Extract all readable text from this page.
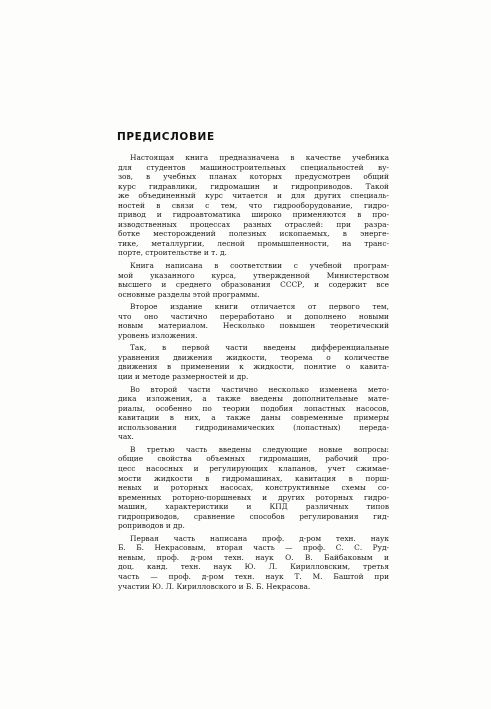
ПРЕДИСЛОВИЕ
Настоящая книга предназначена в качестве учебника
для студентов машиностроительных специальностей ву-
зов, в учебных планах которых предусмотрен общий
курс гидравлики, гидромашин и гидроприводов. Такой
же объединенный курс читается и для других специаль-
ностей в связи с тем, что гидрооборудование, гидро-
привод и гидроавтоматика широко применяются в про-
изводственных процессах разных отраслей: при разра-
ботке месторождений полезных ископаемых, в энерге-
тике, металлургии, лесной промышленности, на транс-
порте, строительстве и т. д.
Книга написана в соответствии с учебной програм-
мой указанного курса, утвержденной Министерством
высшего и среднего образования СССР, и содержит все
основные разделы этой программы.
Второе издание книги отличается от первого тем,
что оно частично переработано и дополнено новыми
новым материалом. Несколько повышен теоретический
уровень изложения.
Так, в первой части введены дифференциальные
уравнения движения жидкости, теорема о количестве
движения в применении к жидкости, понятие о кавита-
ции и методе размерностей и др.
Во второй части частично несколько изменена мето-
дика изложения, а также введены дополнительные мате-
риалы, особенно по теории подобия лопастных насосов,
кавитации в них, а также даны современные примеры
использования гидродинамических (лопастных) переда-
чах.
В третью часть введены следующие новые вопросы:
общие свойства объемных гидромашин, рабочий про-
цесс насосных и регулирующих клапанов, учет сжимае-
мости жидкости в гидромашинах, кавитация в порш-
невых и роторных насосах, конструктивные схемы со-
временных роторно-поршневых и других роторных гидро-
машин, характеристики и КПД различных типов
гидроприводов, сравнение способов регулирования гид-
роприводов и др.
Первая часть написана проф. д-ром техн. наук
Б. Б. Некрасовым, вторая часть — проф. С. С. Руд-
невым, проф. д-ром техн. наук О. В. Байбаковым и
доц. канд. техн. наук Ю. Л. Кирилловским, третья
часть — проф. д-ром техн. наук Т. М. Баштой при
участии Ю. Л. Кирилловского и Б. Б. Некрасова.
